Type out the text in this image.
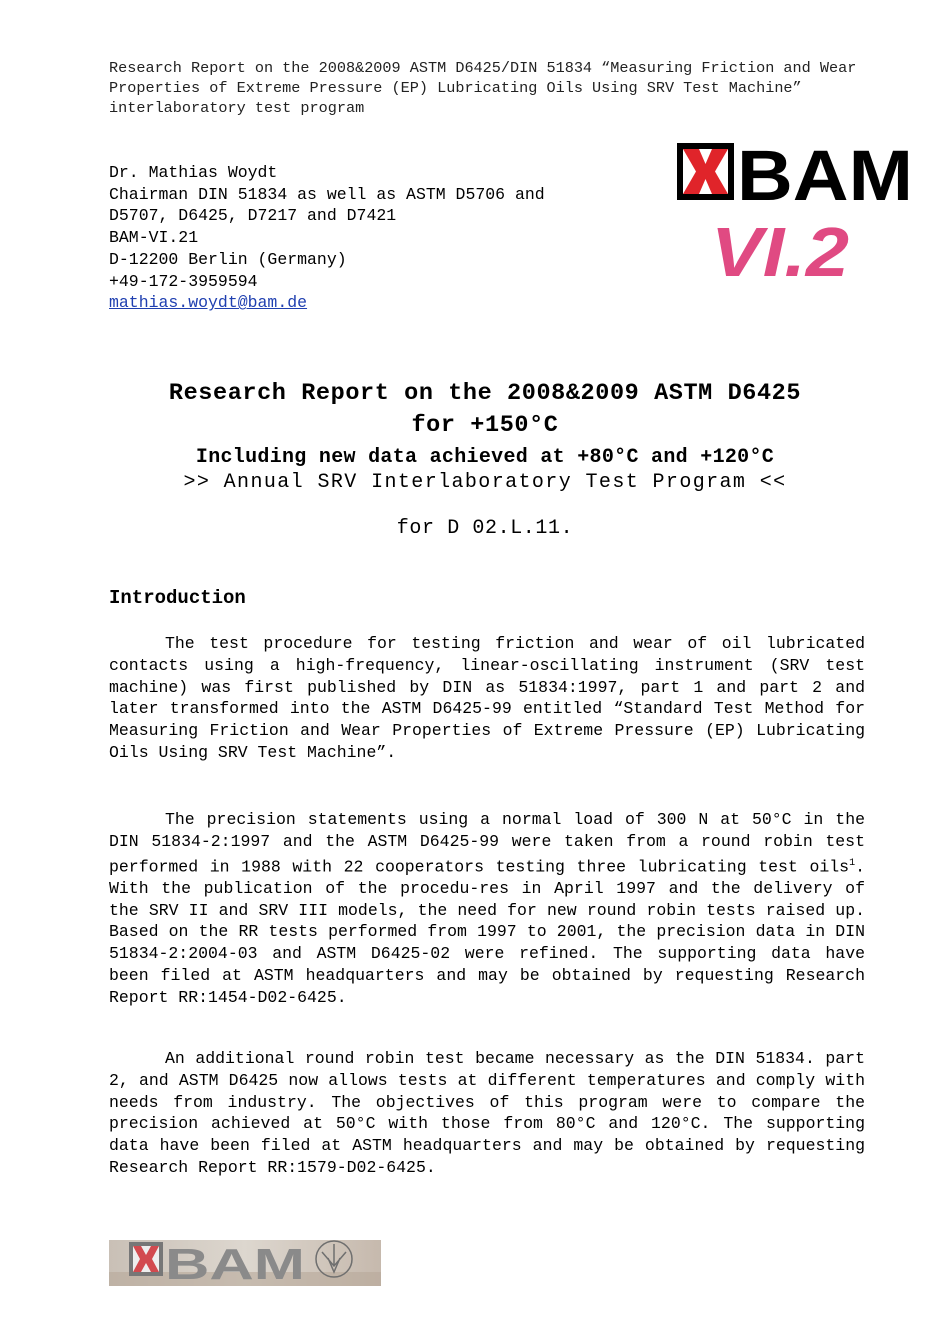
Research Report on the 2008&2009 ASTM D6425/DIN 51834 “Measuring Friction and Wear Properties of Extreme Pressure (EP) Lubricating Oils Using SRV Test Machine” interlaboratory test program

Dr. Mathias Woydt
Chairman DIN 51834 as well as ASTM D5706 and
D5707, D6425, D7217 and D7421
BAM-VI.21
D-12200 Berlin (Germany)
+49-172-3959594
mathias.woydt@bam.de
BAM
VI.2
Research Report on the 2008&2009 ASTM D6425
for +150°C
Including new data achieved at +80°C and +120°C
>> Annual SRV Interlaboratory Test Program <<
for D 02.L.11.
Introduction

The test procedure for testing friction and wear of oil lubricated contacts using a high-frequency, linear-oscillating instrument (SRV test machine) was first published by DIN as 51834:1997, part 1 and part 2 and later transformed into the ASTM D6425-99 entitled “Standard Test Method for Measuring Friction and Wear Properties of Extreme Pressure (EP) Lubricating Oils Using SRV Test Machine”.

The precision statements using a normal load of 300 N at 50°C in the DIN 51834-2:1997 and the ASTM D6425-99 were taken from a round robin test performed in 1988 with 22 cooperators testing three lubricating test oils$^1$. With the publication of the procedu-res in April 1997 and the delivery of the SRV II and SRV III models, the need for new round robin tests raised up. Based on the RR tests performed from 1997 to 2001, the precision data in DIN 51834-2:2004-03 and ASTM D6425-02 were refined. The supporting data have been filed at ASTM headquarters and may be obtained by requesting Research Report RR:1454-D02-6425.

An additional round robin test became necessary as the DIN 51834. part 2, and ASTM D6425 now allows tests at different temperatures and comply with needs from industry. The objectives of this program were to compare the precision achieved at 50°C with those from 80°C and 120°C. The supporting data have been filed at ASTM headquarters and may be obtained by requesting Research Report RR:1579-D02-6425.

BAM
